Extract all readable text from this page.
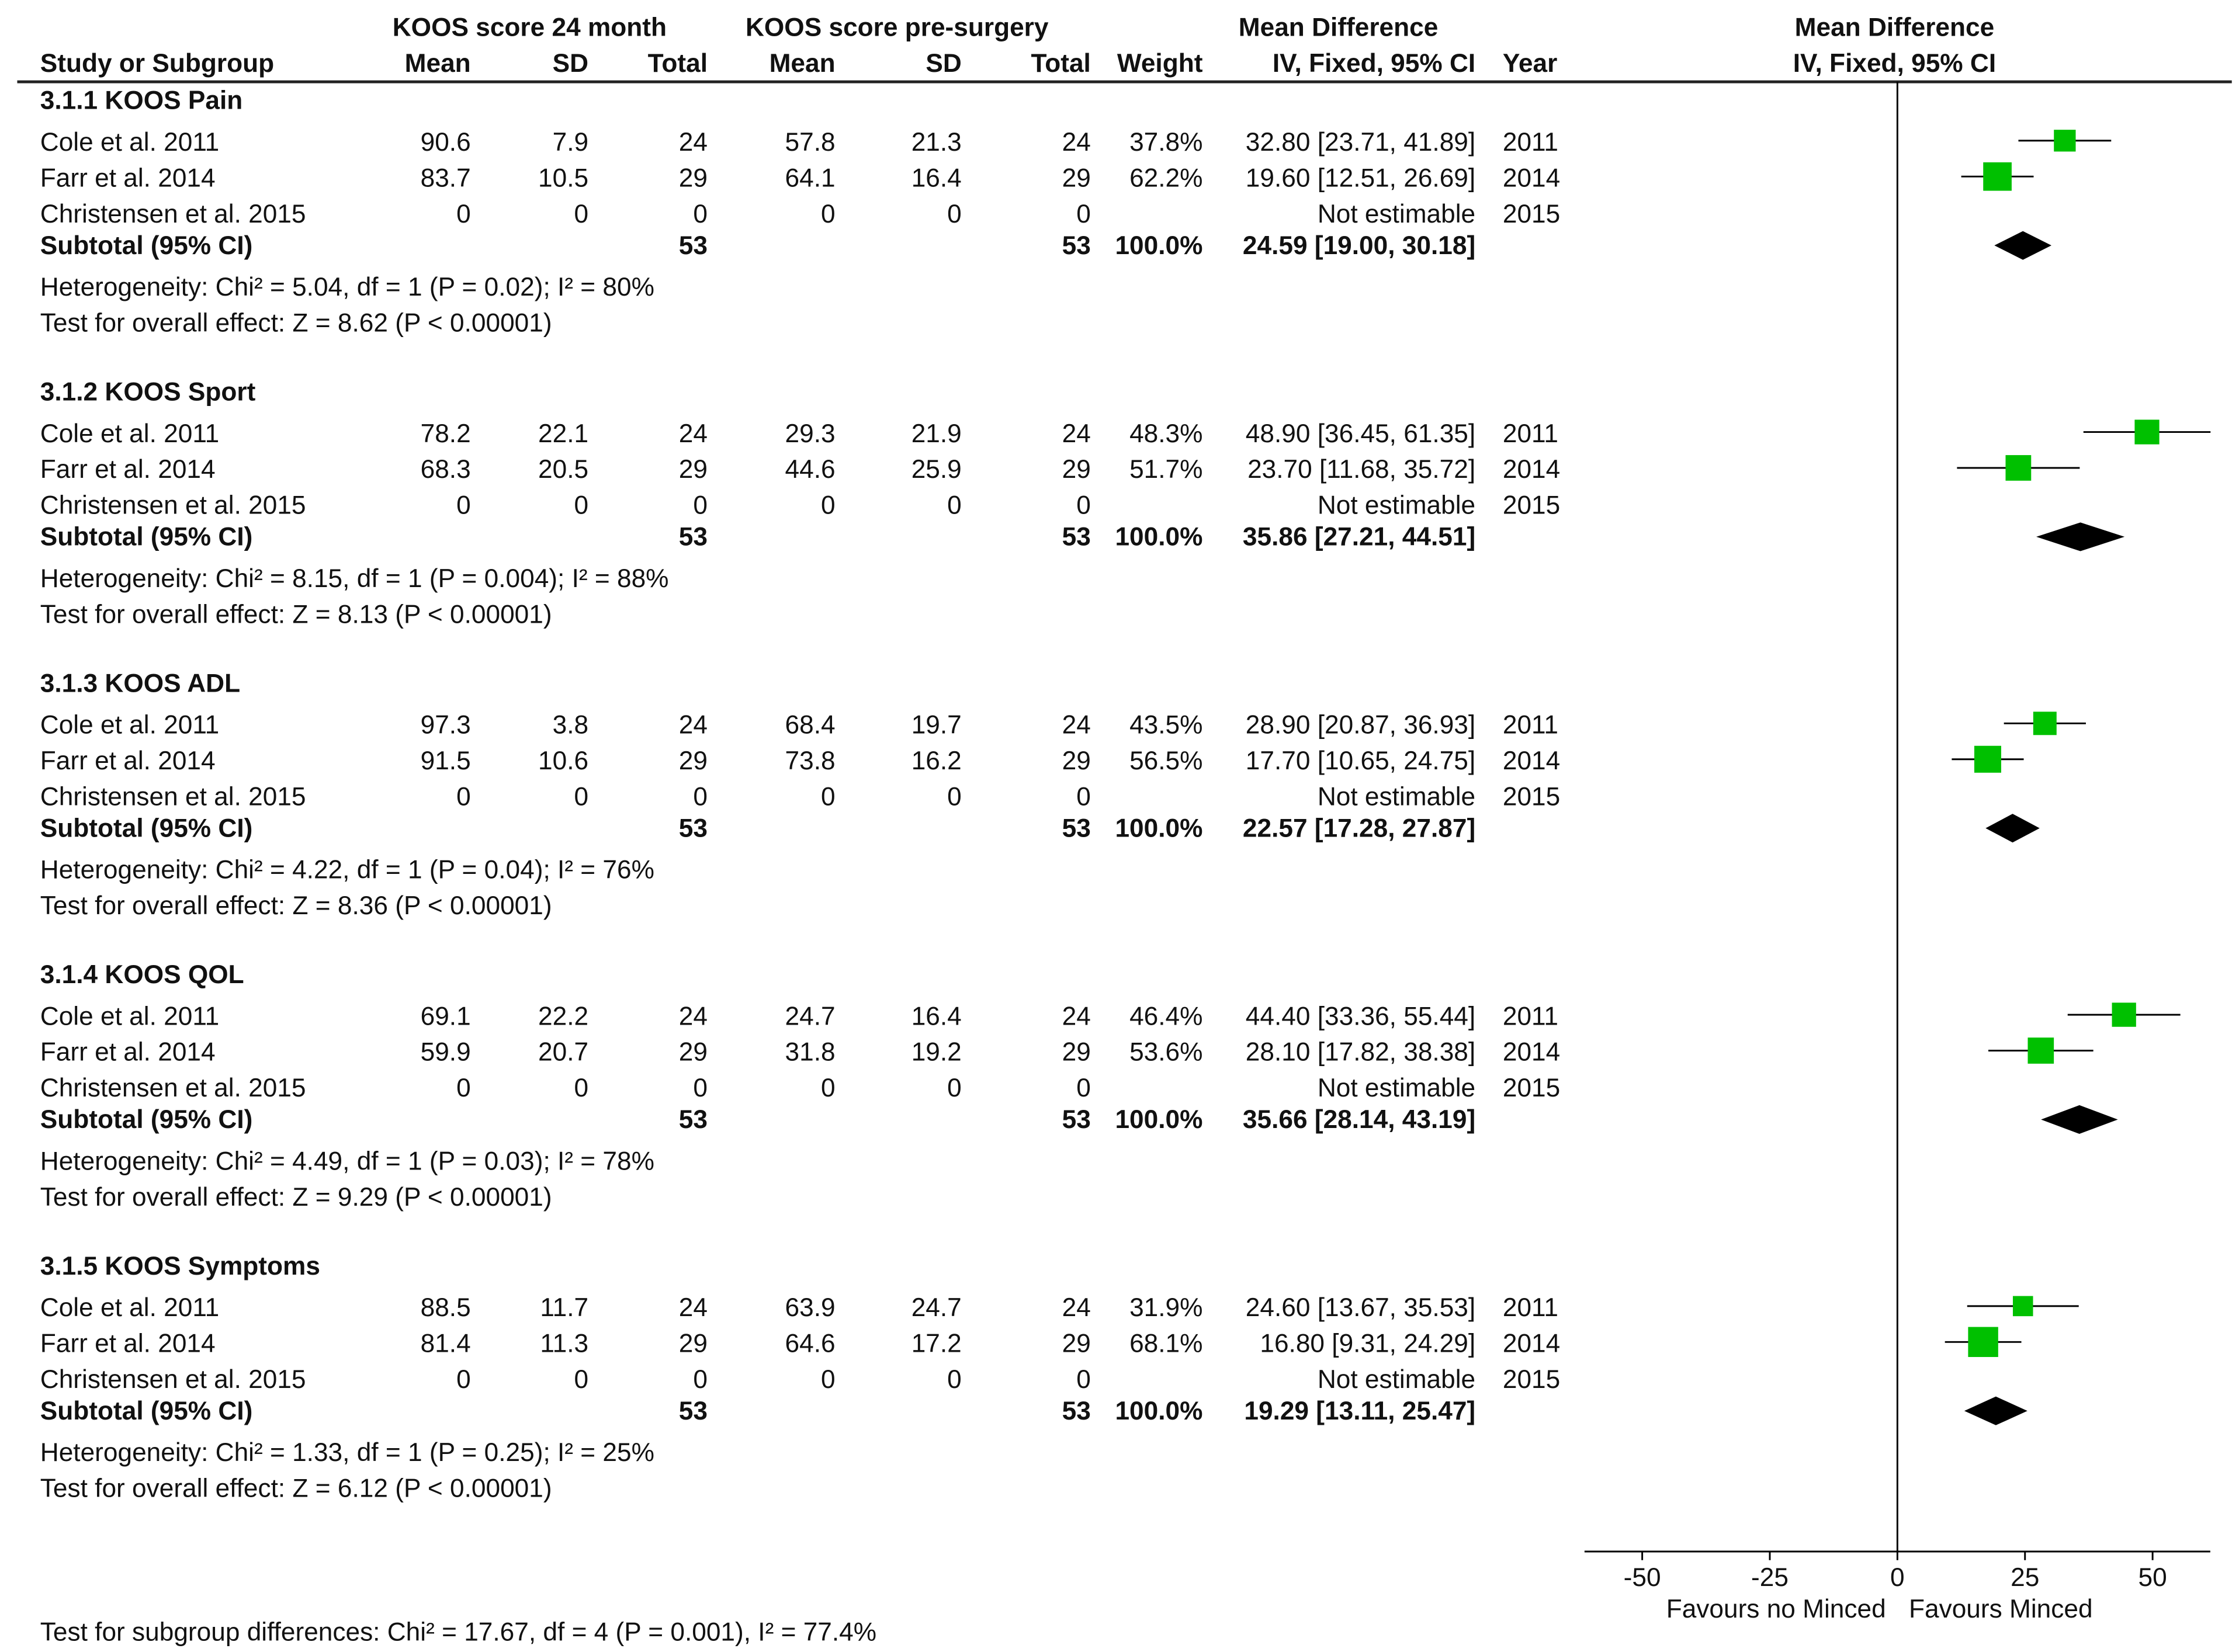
KOOS score 24 month	KOOS score pre-surgery	Mean Difference	Mean Difference
Study or Subgroup	Mean	SD	Total	Mean	SD	Total	Weight	IV, Fixed, 95% CI	Year	IV, Fixed, 95% CI
3.1.1 KOOS Pain
Cole et al. 2011	90.6	7.9	24	57.8	21.3	24	37.8%	32.80 [23.71, 41.89]	2011
Farr et al. 2014	83.7	10.5	29	64.1	16.4	29	62.2%	19.60 [12.51, 26.69]	2014
Christensen et al. 2015	0	0	0	0	0	0	Not estimable	2015
Subtotal (95% CI)	53	53	100.0%	24.59 [19.00, 30.18]
Heterogeneity: Chi² = 5.04, df = 1 (P = 0.02); I² = 80%
Test for overall effect: Z = 8.62 (P < 0.00001)
3.1.2 KOOS Sport
Cole et al. 2011	78.2	22.1	24	29.3	21.9	24	48.3%	48.90 [36.45, 61.35]	2011
Farr et al. 2014	68.3	20.5	29	44.6	25.9	29	51.7%	23.70 [11.68, 35.72]	2014
Christensen et al. 2015	0	0	0	0	0	0	Not estimable	2015
Subtotal (95% CI)	53	53	100.0%	35.86 [27.21, 44.51]
Heterogeneity: Chi² = 8.15, df = 1 (P = 0.004); I² = 88%
Test for overall effect: Z = 8.13 (P < 0.00001)
3.1.3 KOOS ADL
Cole et al. 2011	97.3	3.8	24	68.4	19.7	24	43.5%	28.90 [20.87, 36.93]	2011
Farr et al. 2014	91.5	10.6	29	73.8	16.2	29	56.5%	17.70 [10.65, 24.75]	2014
Christensen et al. 2015	0	0	0	0	0	0	Not estimable	2015
Subtotal (95% CI)	53	53	100.0%	22.57 [17.28, 27.87]
Heterogeneity: Chi² = 4.22, df = 1 (P = 0.04); I² = 76%
Test for overall effect: Z = 8.36 (P < 0.00001)
3.1.4 KOOS QOL
Cole et al. 2011	69.1	22.2	24	24.7	16.4	24	46.4%	44.40 [33.36, 55.44]	2011
Farr et al. 2014	59.9	20.7	29	31.8	19.2	29	53.6%	28.10 [17.82, 38.38]	2014
Christensen et al. 2015	0	0	0	0	0	0	Not estimable	2015
Subtotal (95% CI)	53	53	100.0%	35.66 [28.14, 43.19]
Heterogeneity: Chi² = 4.49, df = 1 (P = 0.03); I² = 78%
Test for overall effect: Z = 9.29 (P < 0.00001)
3.1.5 KOOS Symptoms
Cole et al. 2011	88.5	11.7	24	63.9	24.7	24	31.9%	24.60 [13.67, 35.53]	2011
Farr et al. 2014	81.4	11.3	29	64.6	17.2	29	68.1%	16.80 [9.31, 24.29]	2014
Christensen et al. 2015	0	0	0	0	0	0	Not estimable	2015
Subtotal (95% CI)	53	53	100.0%	19.29 [13.11, 25.47]
Heterogeneity: Chi² = 1.33, df = 1 (P = 0.25); I² = 25%
Test for overall effect: Z = 6.12 (P < 0.00001)
Test for subgroup differences: Chi² = 17.67, df = 4 (P = 0.001), I² = 77.4%
-50	-25	0	25	50
Favours no Minced Favours Minced
